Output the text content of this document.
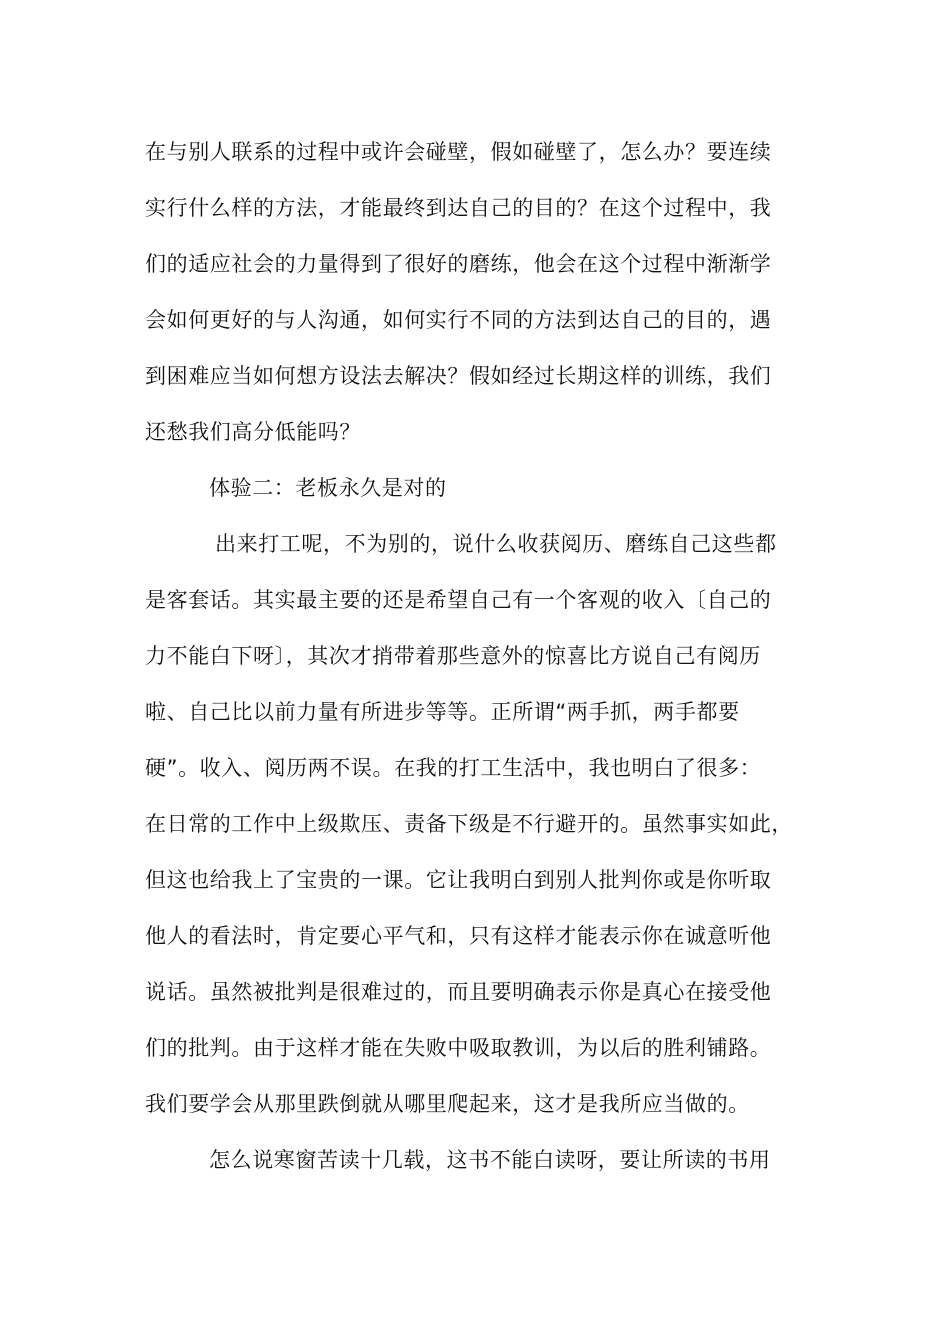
在与别人联系的过程中或许会碰壁，假如碰壁了，怎么办？要连续
实行什么样的方法，才能最终到达自己的目的？在这个过程中，我
们的适应社会的力量得到了很好的磨练，他会在这个过程中渐渐学
会如何更好的与人沟通，如何实行不同的方法到达自己的目的，遇
到困难应当如何想方设法去解决？假如经过长期这样的训练，我们
还愁我们高分低能吗？
体验二：老板永久是对的
出来打工呢，不为别的，说什么收获阅历、磨练自己这些都
是客套话。其实最主要的还是希望自己有一个客观的收入〔自己的
力不能白下呀〕，其次才捎带着那些意外的惊喜比方说自己有阅历
啦、自己比以前力量有所进步等等。正所谓“两手抓，两手都要
硬”。收入、阅历两不误。在我的打工生活中，我也明白了很多：
在日常的工作中上级欺压、责备下级是不行避开的。虽然事实如此，
但这也给我上了宝贵的一课。它让我明白到别人批判你或是你听取
他人的看法时，肯定要心平气和，只有这样才能表示你在诚意听他
说话。虽然被批判是很难过的，而且要明确表示你是真心在接受他
们的批判。由于这样才能在失败中吸取教训，为以后的胜利铺路。
我们要学会从那里跌倒就从哪里爬起来，这才是我所应当做的。
怎么说寒窗苦读十几载，这书不能白读呀，要让所读的书用
